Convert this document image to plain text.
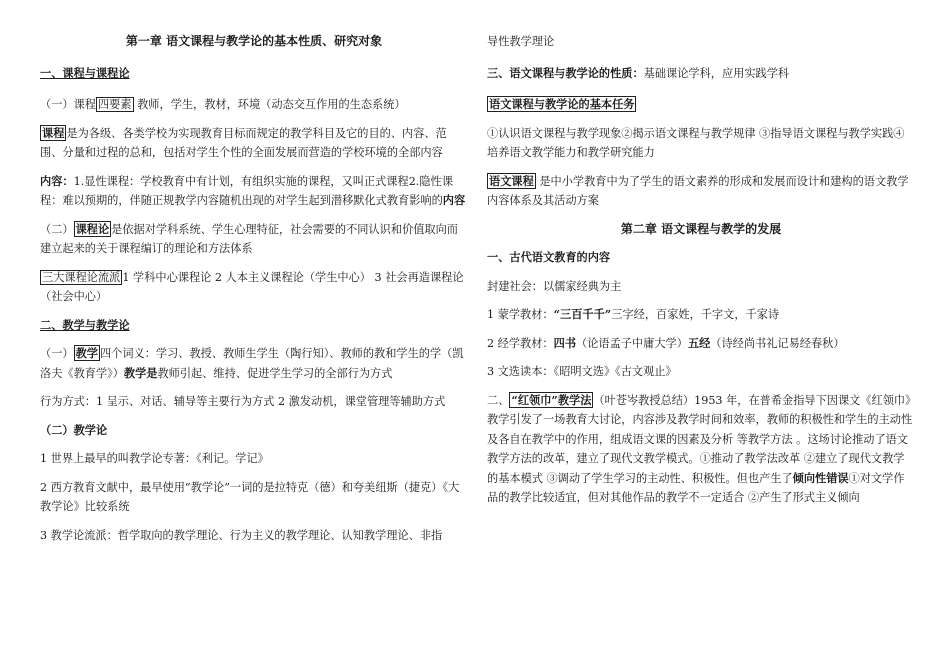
第一章 语文课程与教学论的基本性质、研究对象

一、课程与课程论

（一）课程 四要素 教师，学生，教材，环境（动态交互作用的生态系统）

课程 是为各级、各类学校为实现教育目标而规定的教学科目及它的目的、内容、范围、分量和过程的总和，包括对学生个性的全面发展而营造的学校环境的全部内容

内容：1.显性课程：学校教育中有计划，有组织实施的课程，又叫正式课程2.隐性课程：难以预期的，伴随正规教学内容随机出现的对学生起到潜移默化式教育影响的内容

（二） 课程论 是依据对学科系统、学生心理特征，社会需要的不同认识和价值取向而建立起来的关于课程编订的理论和方法体系

三大课程论流派 1 学科中心课程论 2 人本主义课程论（学生中心） 3 社会再造课程论（社会中心）

二、教学与教学论

（一） 教学 四个词义：学习、教授、教师生学生（陶行知）、教师的教和学生的学（凯洛夫《教育学》）教学是教师引起、维持、促进学生学习的全部行为方式

行为方式：1 呈示、对话、辅导等主要行为方式 2 激发动机，课堂管理等辅助方式

（二）教学论

1 世界上最早的叫教学论专著：《利记。学记》

2 西方教育文献中，最早使用“教学论”一词的是拉特克（德）和夸美纽斯（捷克）《大教学论》比较系统

3 教学论流派：哲学取向的教学理论、行为主义的教学理论、认知教学理论、非指

导性教学理论

三、语文课程与教学论的性质：基础课论学科，应用实践学科

语文课程与教学论的基本任务

①认识语文课程与教学现象②揭示语文课程与教学规律 ③指导语文课程与教学实践④培养语文教学能力和教学研究能力

语文课程 是中小学教育中为了学生的语文素养的形成和发展而设计和建构的语文教学内容体系及其活动方案

第二章 语文课程与教学的发展

一、古代语文教育的内容

封建社会：以儒家经典为主

1 蒙学教材：“三百千千”三字经，百家姓，千字文，千家诗

2 经学教材：四书（论语孟子中庸大学）五经（诗经尚书礼记易经春秋）

3 文选读本：《昭明文选》《古文观止》

二、 “红领巾”教学法 （叶苍岑教授总结）1953 年，在普希金指导下因课文《红领巾》教学引发了一场教育大讨论，内容涉及教学时间和效率，教师的积极性和学生的主动性及各自在教学中的作用，组成语文课的因素及分析 等教学方法 。这场讨论推动了语文教学方法的改革，建立了现代文教学模式。①推动了教学法改革 ②建立了现代文教学的基本模式 ③调动了学生学习的主动性、积极性。但也产生了倾向性错误①对文学作品的教学比较适宜，但对其他作品的教学不一定适合 ②产生了形式主义倾向
